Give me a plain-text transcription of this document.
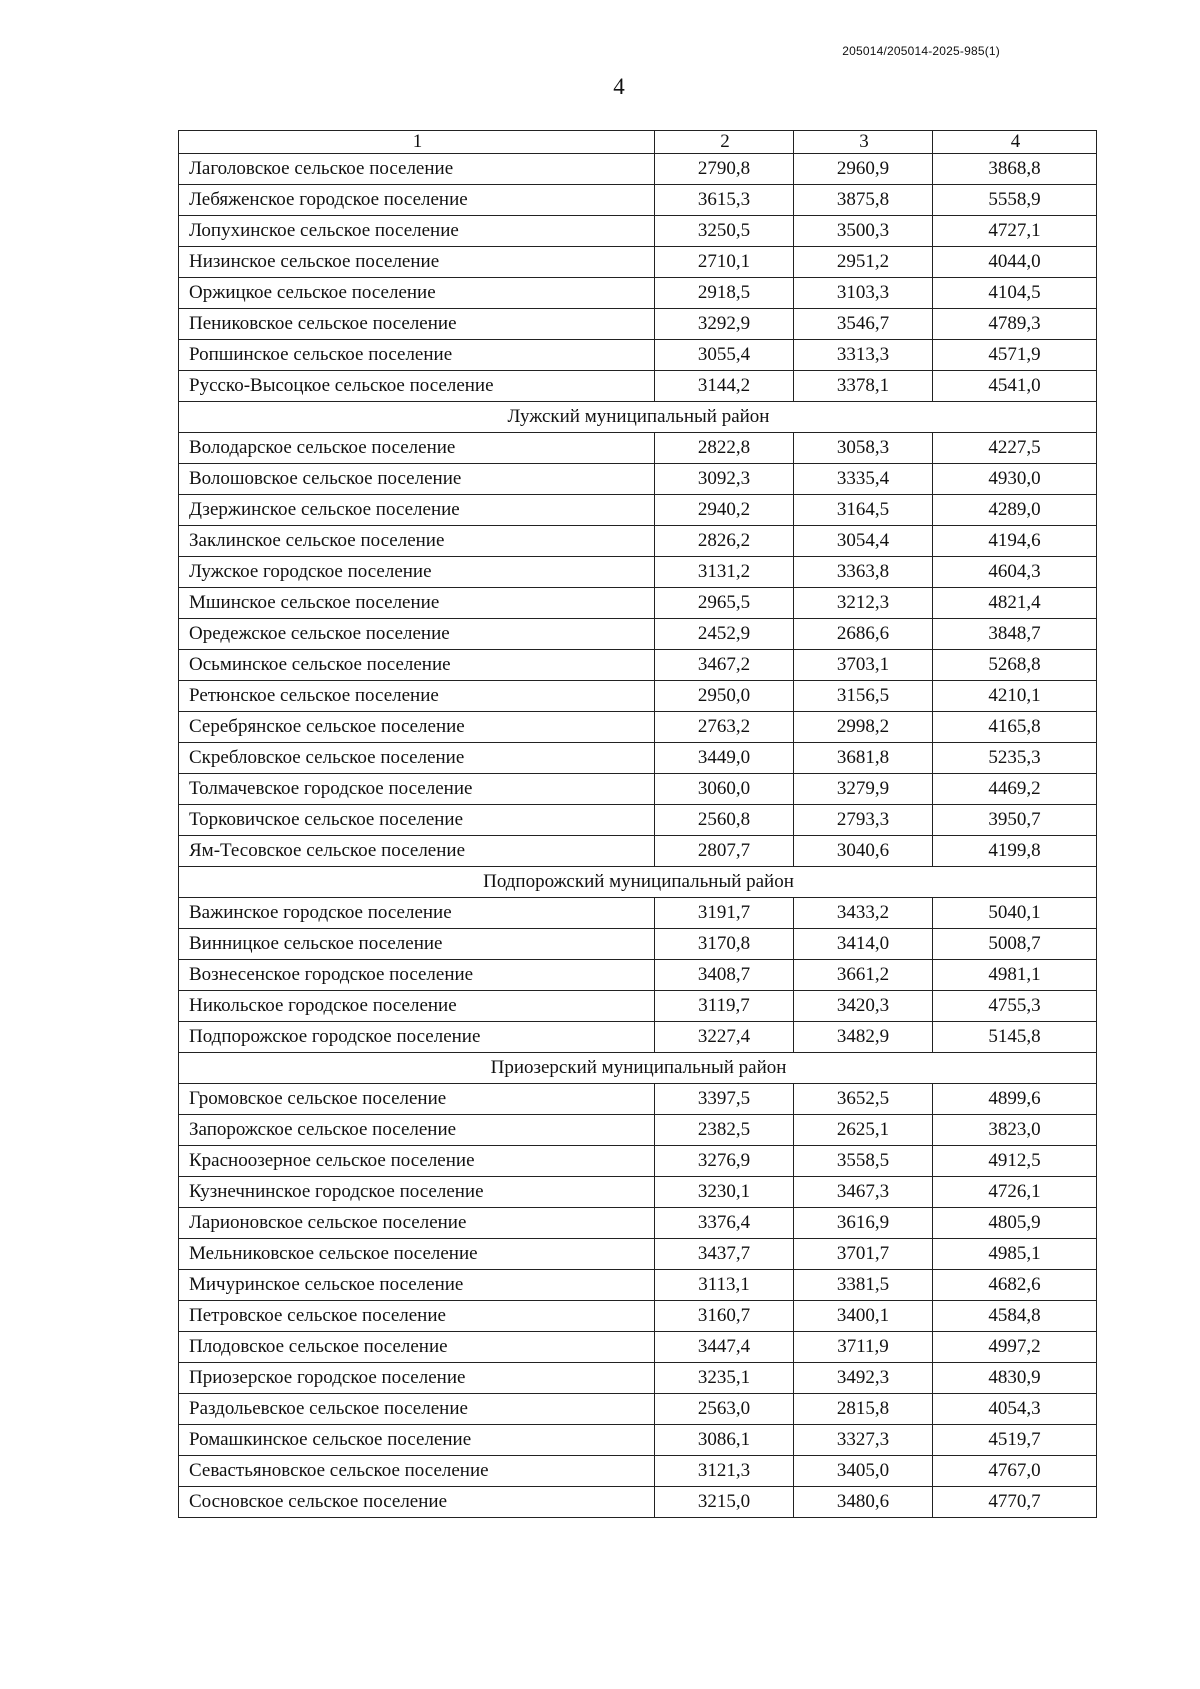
205014/205014-2025-985(1)
4
1	2	3	4
Лаголовское сельское поселение	2790,8	2960,9	3868,8
Лебяженское городское поселение	3615,3	3875,8	5558,9
Лопухинское сельское поселение	3250,5	3500,3	4727,1
Низинское сельское поселение	2710,1	2951,2	4044,0
Оржицкое сельское поселение	2918,5	3103,3	4104,5
Пениковское сельское поселение	3292,9	3546,7	4789,3
Ропшинское сельское поселение	3055,4	3313,3	4571,9
Русско-Высоцкое сельское поселение	3144,2	3378,1	4541,0
Лужский муниципальный район			
Володарское сельское поселение	2822,8	3058,3	4227,5
Волошовское сельское поселение	3092,3	3335,4	4930,0
Дзержинское сельское поселение	2940,2	3164,5	4289,0
Заклинское сельское поселение	2826,2	3054,4	4194,6
Лужское городское поселение	3131,2	3363,8	4604,3
Мшинское сельское поселение	2965,5	3212,3	4821,4
Оредежское сельское поселение	2452,9	2686,6	3848,7
Осьминское сельское поселение	3467,2	3703,1	5268,8
Ретюнское сельское поселение	2950,0	3156,5	4210,1
Серебрянское сельское поселение	2763,2	2998,2	4165,8
Скребловское сельское поселение	3449,0	3681,8	5235,3
Толмачевское городское поселение	3060,0	3279,9	4469,2
Торковичское сельское поселение	2560,8	2793,3	3950,7
Ям-Тесовское сельское поселение	2807,7	3040,6	4199,8
Подпорожский муниципальный район			
Важинское городское поселение	3191,7	3433,2	5040,1
Винницкое сельское поселение	3170,8	3414,0	5008,7
Вознесенское городское поселение	3408,7	3661,2	4981,1
Никольское городское поселение	3119,7	3420,3	4755,3
Подпорожское городское поселение	3227,4	3482,9	5145,8
Приозерский муниципальный район			
Громовское сельское поселение	3397,5	3652,5	4899,6
Запорожское сельское поселение	2382,5	2625,1	3823,0
Красноозерное сельское поселение	3276,9	3558,5	4912,5
Кузнечнинское городское поселение	3230,1	3467,3	4726,1
Ларионовское сельское поселение	3376,4	3616,9	4805,9
Мельниковское сельское поселение	3437,7	3701,7	4985,1
Мичуринское сельское поселение	3113,1	3381,5	4682,6
Петровское сельское поселение	3160,7	3400,1	4584,8
Плодовское сельское поселение	3447,4	3711,9	4997,2
Приозерское городское поселение	3235,1	3492,3	4830,9
Раздольевское сельское поселение	2563,0	2815,8	4054,3
Ромашкинское сельское поселение	3086,1	3327,3	4519,7
Севастьяновское сельское поселение	3121,3	3405,0	4767,0
Сосновское сельское поселение	3215,0	3480,6	4770,7
